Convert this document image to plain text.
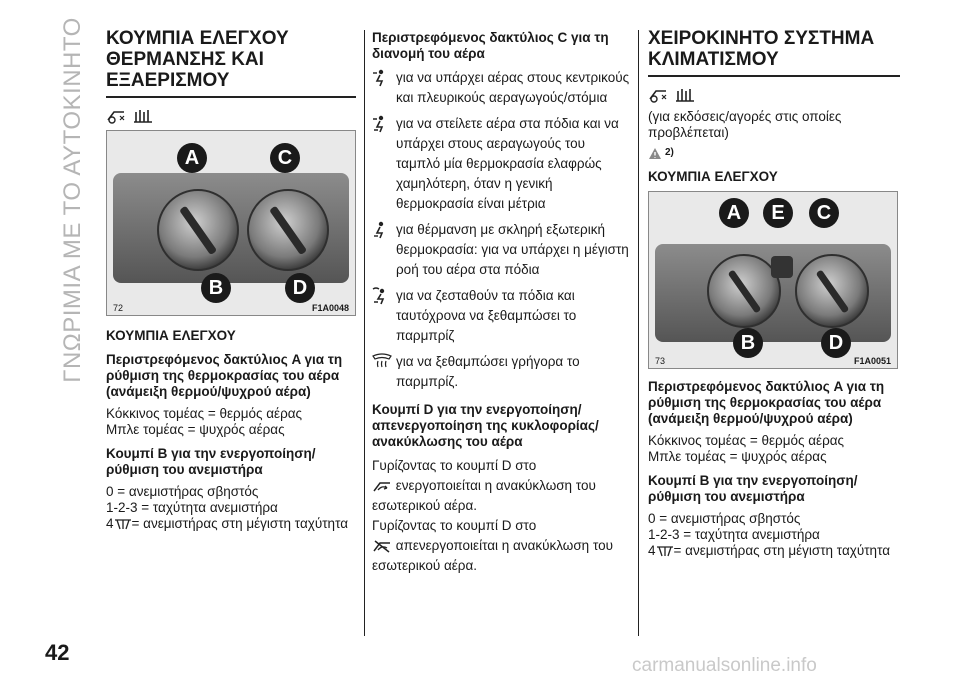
ΓΝΩΡΙΜΙΑ ΜΕ ΤΟ ΑΥΤΟΚΙΝΗΤΟ
42
carmanualsonline.info
ΚΟΥΜΠΙΑ ΕΛΕΓΧΟΥ ΘΕΡΜΑΝΣΗΣ ΚΑΙ ΕΞΑΕΡΙΣΜΟΥ

A	C
B	D
72	F1A0048
ΚΟΥΜΠΙΑ ΕΛΕΓΧΟΥ
Περιστρεφόμενος δακτύλιος A για τη ρύθμιση της θερμοκρασίας του αέρα (ανάμειξη θερμού/ψυχρού αέρα)
Κόκκινος τομέας = θερμός αέρας
Μπλε τομέας = ψυχρός αέρας
Κουμπί B για την ενεργοποίηση/ρύθμιση του ανεμιστήρα
0 = ανεμιστήρας σβηστός
1-2-3 = ταχύτητα ανεμιστήρα
4 = ανεμιστήρας στη μέγιστη ταχύτητα
Περιστρεφόμενος δακτύλιος C για τη διανομή του αέρα
για να υπάρχει αέρας στους κεντρικούς και πλευρικούς αεραγωγούς/στόμια
για να στείλετε αέρα στα πόδια και να υπάρχει στους αεραγωγούς του ταμπλό μία θερμοκρασία ελαφρώς χαμηλότερη, όταν η γενική θερμοκρασία είναι μέτρια
για θέρμανση με σκληρή εξωτερική θερμοκρασία: για να υπάρχει η μέγιστη ροή του αέρα στα πόδια
για να ζεσταθούν τα πόδια και ταυτόχρονα να ξεθαμπώσει το παρμπρίζ
για να ξεθαμπώσει γρήγορα το παρμπρίζ.
Κουμπί D για την ενεργοποίηση/απενεργοποίηση της κυκλοφορίας/ανακύκλωσης του αέρα
Γυρίζοντας το κουμπί D στο
ενεργοποιείται η ανακύκλωση του εσωτερικού αέρα.
Γυρίζοντας το κουμπί D στο
απενεργοποιείται η ανακύκλωση του εσωτερικού αέρα.
ΧΕΙΡΟΚΙΝΗΤΟ ΣΥΣΤΗΜΑ ΚΛΙΜΑΤΙΣΜΟΥ

(για εκδόσεις/αγορές στις οποίες προβλέπεται)
2)
ΚΟΥΜΠΙΑ ΕΛΕΓΧΟΥ
A	E	C
B	D
73	F1A0051
Περιστρεφόμενος δακτύλιος A για τη ρύθμιση της θερμοκρασίας του αέρα (ανάμειξη θερμού/ψυχρού αέρα)
Κόκκινος τομέας = θερμός αέρας
Μπλε τομέας = ψυχρός αέρας
Κουμπί B για την ενεργοποίηση/ρύθμιση του ανεμιστήρα
0 = ανεμιστήρας σβηστός
1-2-3 = ταχύτητα ανεμιστήρα
4 = ανεμιστήρας στη μέγιστη ταχύτητα
